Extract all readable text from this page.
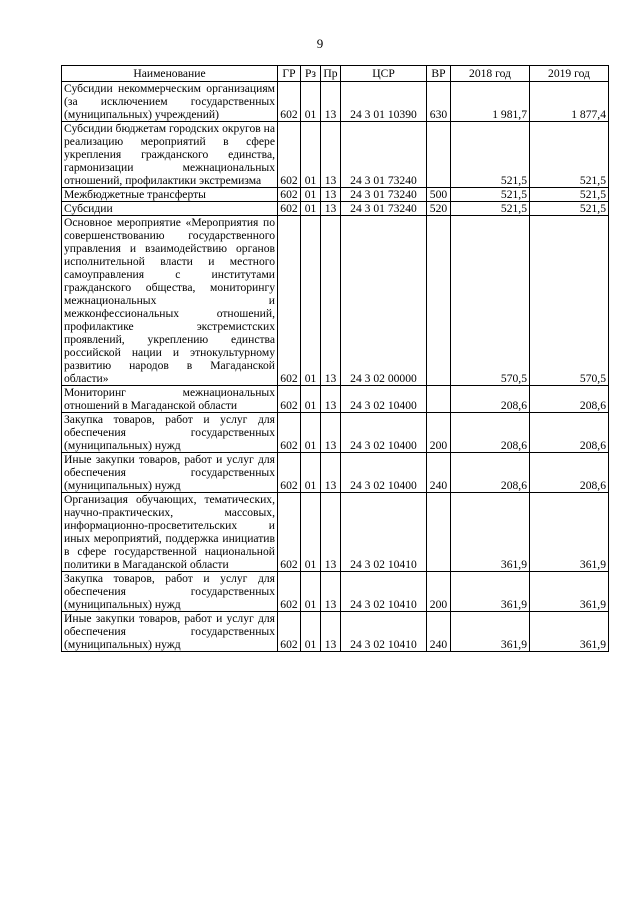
9
Наименование	ГР	Рз	Пр	ЦСР	ВР	2018 год	2019 год
Субсидии некоммерческим организациям (за исключением государственных (муниципальных) учреждений)	602	01	13	24 3 01 10390	630	1 981,7	1 877,4
Субсидии бюджетам городских округов на реализацию мероприятий в сфере укрепления гражданского единства, гармонизации межнациональных отношений, профилактики экстремизма	602	01	13	24 3 01 73240		521,5	521,5
Межбюджетные трансферты	602	01	13	24 3 01 73240	500	521,5	521,5
Субсидии	602	01	13	24 3 01 73240	520	521,5	521,5
Основное мероприятие «Мероприятия по совершенствованию государственного управления и взаимодействию органов исполнительной власти и местного самоуправления с институтами гражданского общества, мониторингу межнациональных и межконфессиональных отношений, профилактике экстремистских проявлений, укреплению единства российской нации и этнокультурному развитию народов в Магаданской области»	602	01	13	24 3 02 00000		570,5	570,5
Мониторинг межнациональных отношений в Магаданской области	602	01	13	24 3 02 10400		208,6	208,6
Закупка товаров, работ и услуг для обеспечения государственных (муниципальных) нужд	602	01	13	24 3 02 10400	200	208,6	208,6
Иные закупки товаров, работ и услуг для обеспечения государственных (муниципальных) нужд	602	01	13	24 3 02 10400	240	208,6	208,6
Организация обучающих, тематических, научно-практических, массовых, информационно-просветительских и иных мероприятий, поддержка инициатив в сфере государственной национальной политики в Магаданской области	602	01	13	24 3 02 10410		361,9	361,9
Закупка товаров, работ и услуг для обеспечения государственных (муниципальных) нужд	602	01	13	24 3 02 10410	200	361,9	361,9
Иные закупки товаров, работ и услуг для обеспечения государственных (муниципальных) нужд	602	01	13	24 3 02 10410	240	361,9	361,9
